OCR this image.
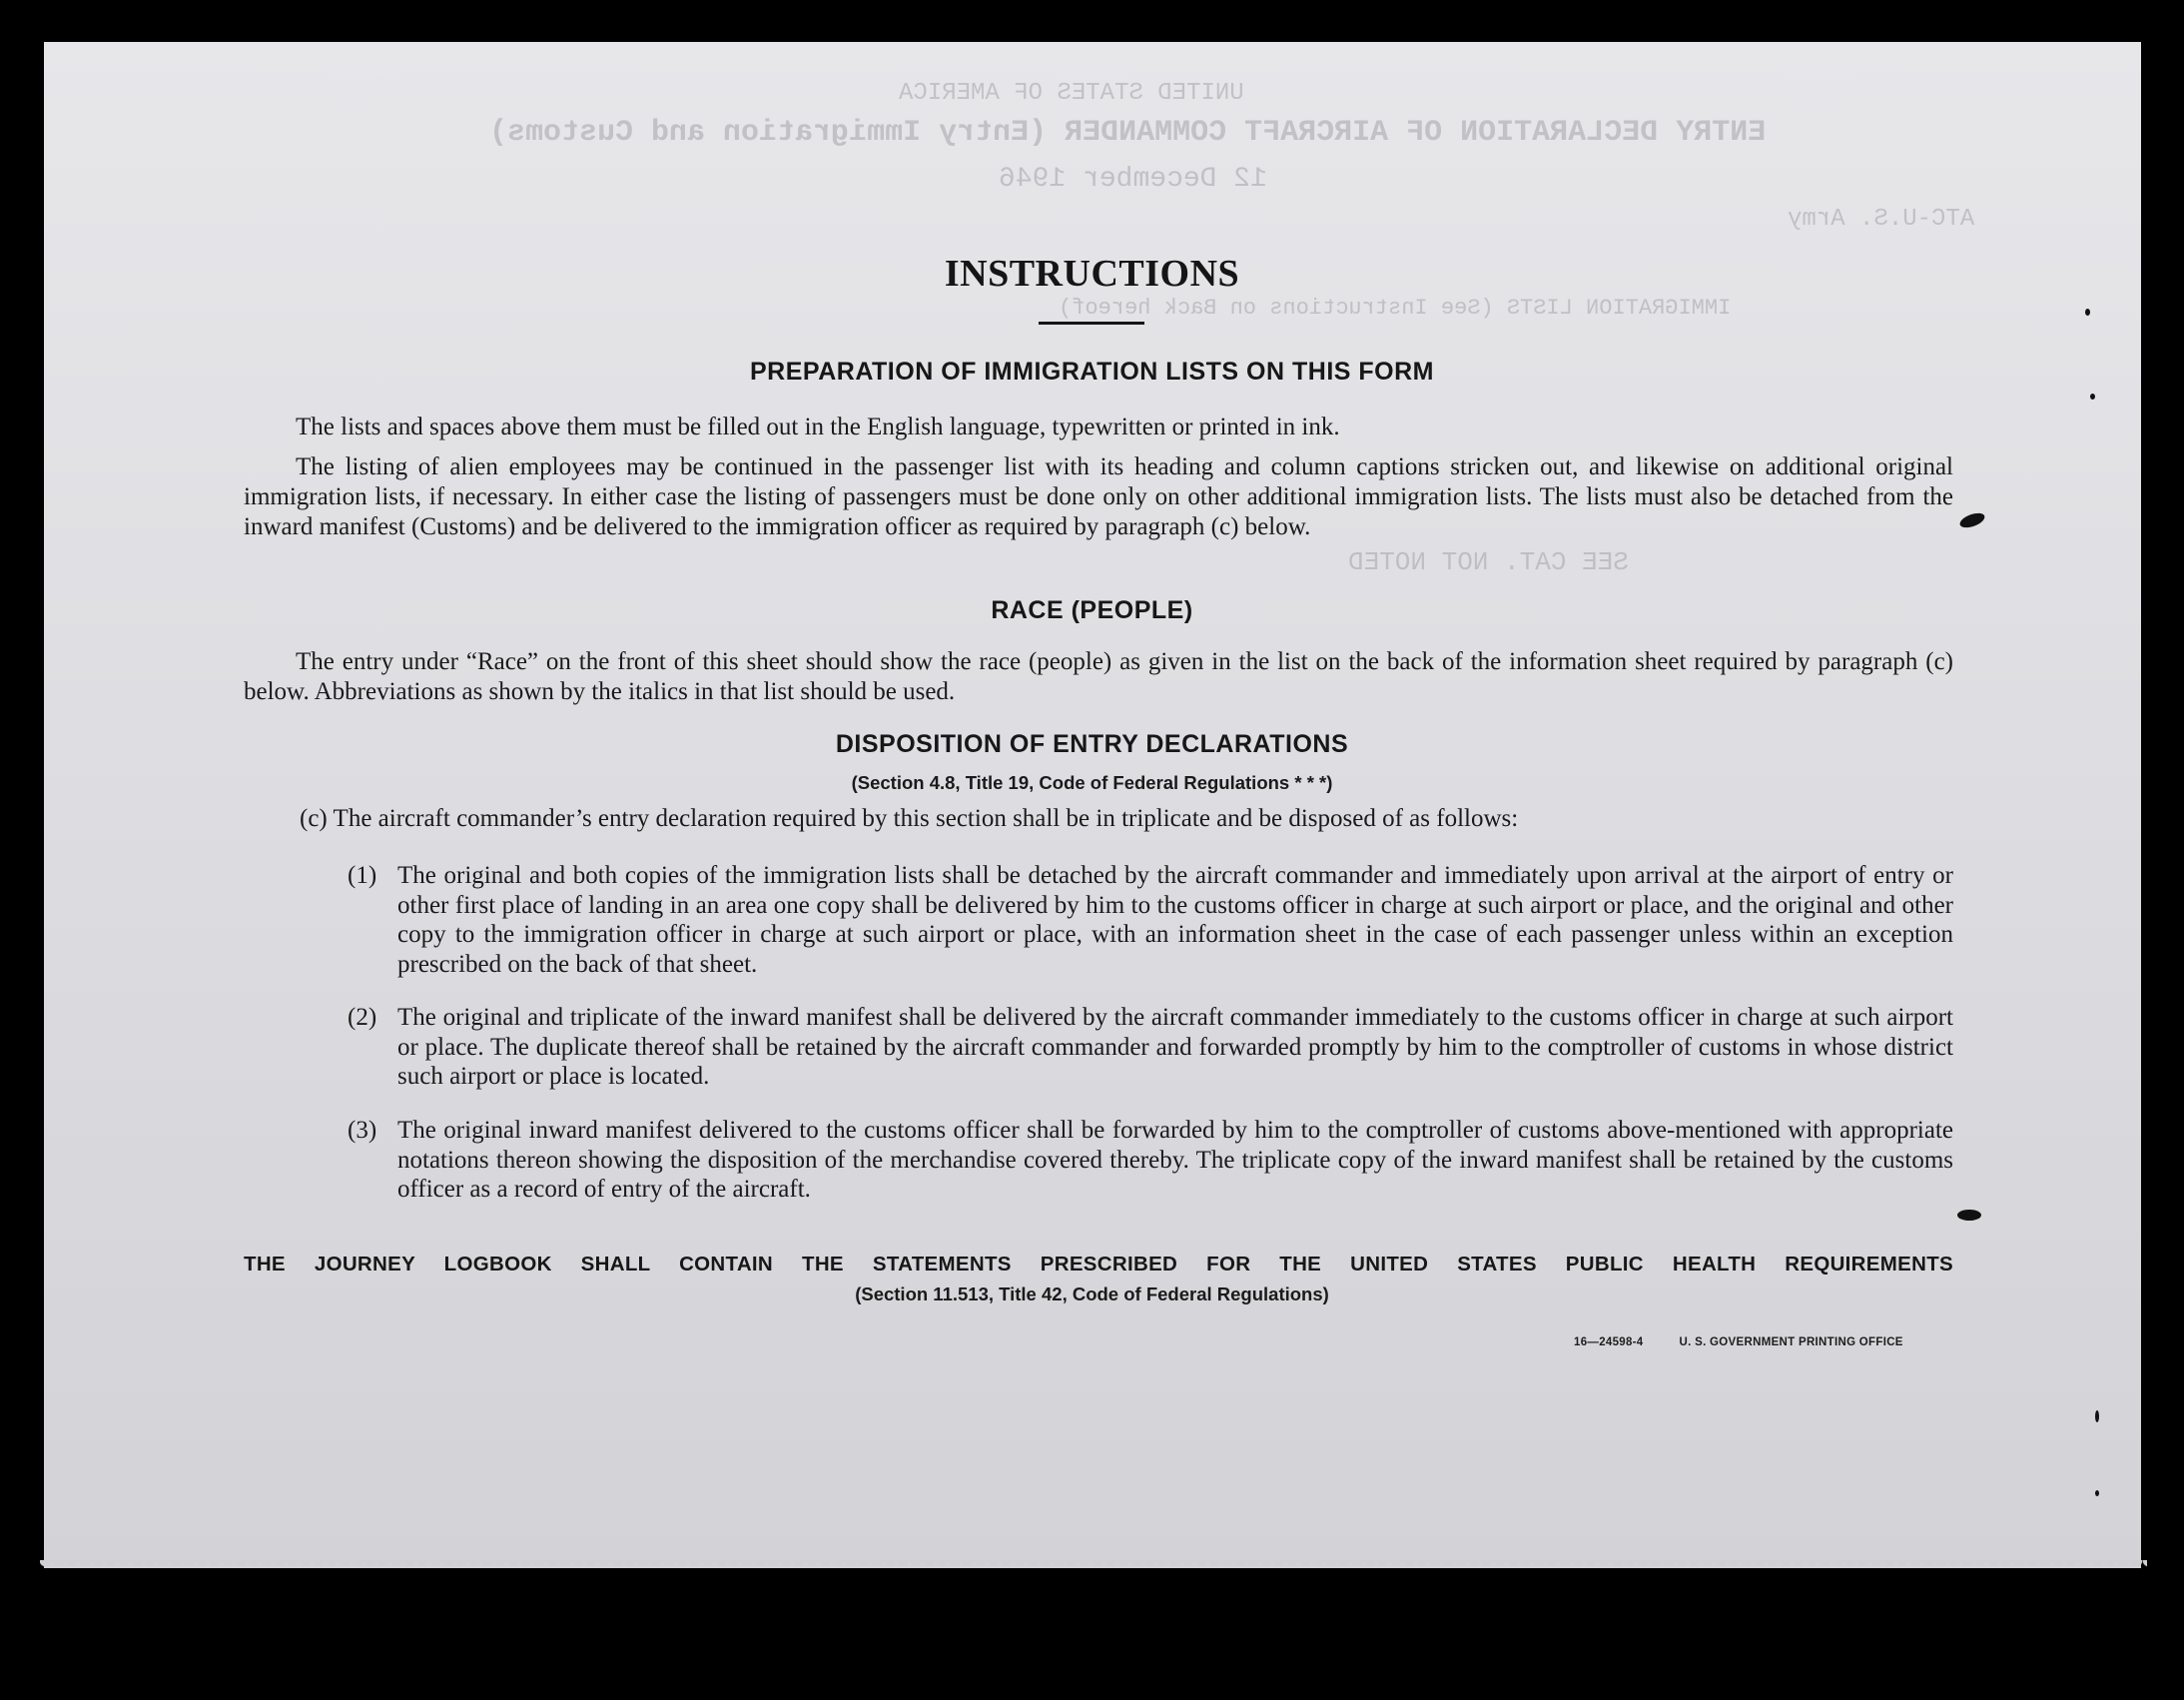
UNITED STATES OF AMERICA
ENTRY DECLARATION OF AIRCRAFT COMMANDER (Entry Immigration and Customs)
12 December 1946
IMMIGRATION LISTS (See Instructions on Back hereof)
SEE CAT. NOT NOTED
ATC-U.S. Army
INSTRUCTIONS
PREPARATION OF IMMIGRATION LISTS ON THIS FORM

The lists and spaces above them must be filled out in the English language, typewritten or printed in ink.

The listing of alien employees may be continued in the passenger list with its heading and column captions stricken out, and likewise on additional original immigration lists, if necessary. In either case the listing of passengers must be done only on other additional immigration lists. The lists must also be detached from the inward manifest (Customs) and be delivered to the immigration officer as required by paragraph (c) below.

RACE (PEOPLE)

The entry under “Race” on the front of this sheet should show the race (people) as given in the list on the back of the information sheet required by paragraph (c) below. Abbreviations as shown by the italics in that list should be used.

DISPOSITION OF ENTRY DECLARATIONS
(Section 4.8, Title 19, Code of Federal Regulations * * *)
(c) The aircraft commander’s entry declaration required by this section shall be in triplicate and be disposed of as follows:

(1) The original and both copies of the immigration lists shall be detached by the aircraft commander and immediately upon arrival at the airport of entry or other first place of landing in an area one copy shall be delivered by him to the customs officer in charge at such airport or place, and the original and other copy to the immigration officer in charge at such airport or place, with an information sheet in the case of each passenger unless within an exception prescribed on the back of that sheet.

(2) The original and triplicate of the inward manifest shall be delivered by the aircraft commander immediately to the customs officer in charge at such airport or place. The duplicate thereof shall be retained by the aircraft commander and forwarded promptly by him to the comptroller of customs in whose district such airport or place is located.

(3) The original inward manifest delivered to the customs officer shall be forwarded by him to the comptroller of customs above-mentioned with appropriate notations thereon showing the disposition of the merchandise covered thereby. The triplicate copy of the inward manifest shall be retained by the customs officer as a record of entry of the aircraft.

THE JOURNEY LOGBOOK SHALL CONTAIN THE STATEMENTS PRESCRIBED FOR THE UNITED STATES PUBLIC HEALTH REQUIREMENTS
(Section 11.513, Title 42, Code of Federal Regulations)
16—24598-4	U. S. GOVERNMENT PRINTING OFFICE
